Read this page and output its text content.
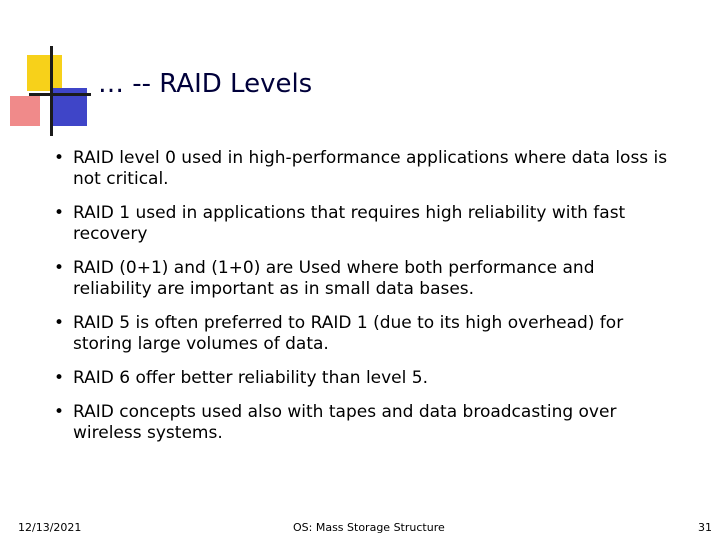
… -- RAID Levels
• RAID level 0 used in high-performance applications where data loss is not critical.
• RAID 1 used in applications that requires high reliability with fast recovery
• RAID (0+1) and (1+0) are Used where both performance and reliability are important as in small data bases.
• RAID 5 is often preferred to RAID 1 (due to its high overhead) for storing large volumes of data.
• RAID 6 offer better reliability than level 5.
• RAID concepts used also with tapes and data broadcasting over wireless systems.
12/13/2021	OS: Mass Storage Structure	31
